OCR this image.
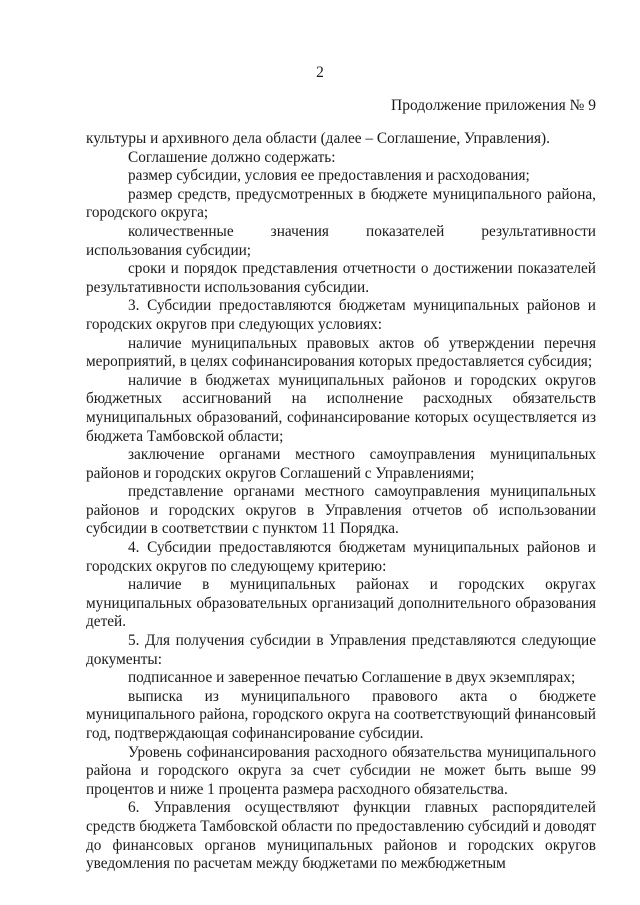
2
Продолжение приложения № 9

культуры и архивного дела области (далее – Соглашение, Управления).

Соглашение должно содержать:

размер субсидии, условия ее предоставления и расходования;

размер средств, предусмотренных в бюджете муниципального района, городского округа;

количественные значения показателей результативности использования субсидии;

сроки и порядок представления отчетности о достижении показателей результативности использования субсидии.

3. Субсидии предоставляются бюджетам муниципальных районов и городских округов при следующих условиях:

наличие муниципальных правовых актов об утверждении перечня мероприятий, в целях софинансирования которых предоставляется субсидия;

наличие в бюджетах муниципальных районов и городских округов бюджетных ассигнований на исполнение расходных обязательств муниципальных образований, софинансирование которых осуществляется из бюджета Тамбовской области;

заключение органами местного самоуправления муниципальных районов и городских округов Соглашений с Управлениями;

представление органами местного самоуправления муниципальных районов и городских округов в Управления отчетов об использовании субсидии в соответствии с пунктом 11 Порядка.

4. Субсидии предоставляются бюджетам муниципальных районов и городских округов по следующему критерию:

наличие в муниципальных районах и городских округах муниципальных образовательных организаций дополнительного образования детей.

5. Для получения субсидии в Управления представляются следующие документы:

подписанное и заверенное печатью Соглашение в двух экземплярах;

выписка из муниципального правового акта о бюджете муниципального района, городского округа на соответствующий финансовый год, подтверждающая софинансирование субсидии.

Уровень софинансирования расходного обязательства муниципального района и городского округа за счет субсидии не может быть выше 99 процентов и ниже 1 процента размера расходного обязательства.

6. Управления осуществляют функции главных распорядителей средств бюджета Тамбовской области по предоставлению субсидий и доводят до финансовых органов муниципальных районов и городских округов уведомления по расчетам между бюджетами по межбюджетным
